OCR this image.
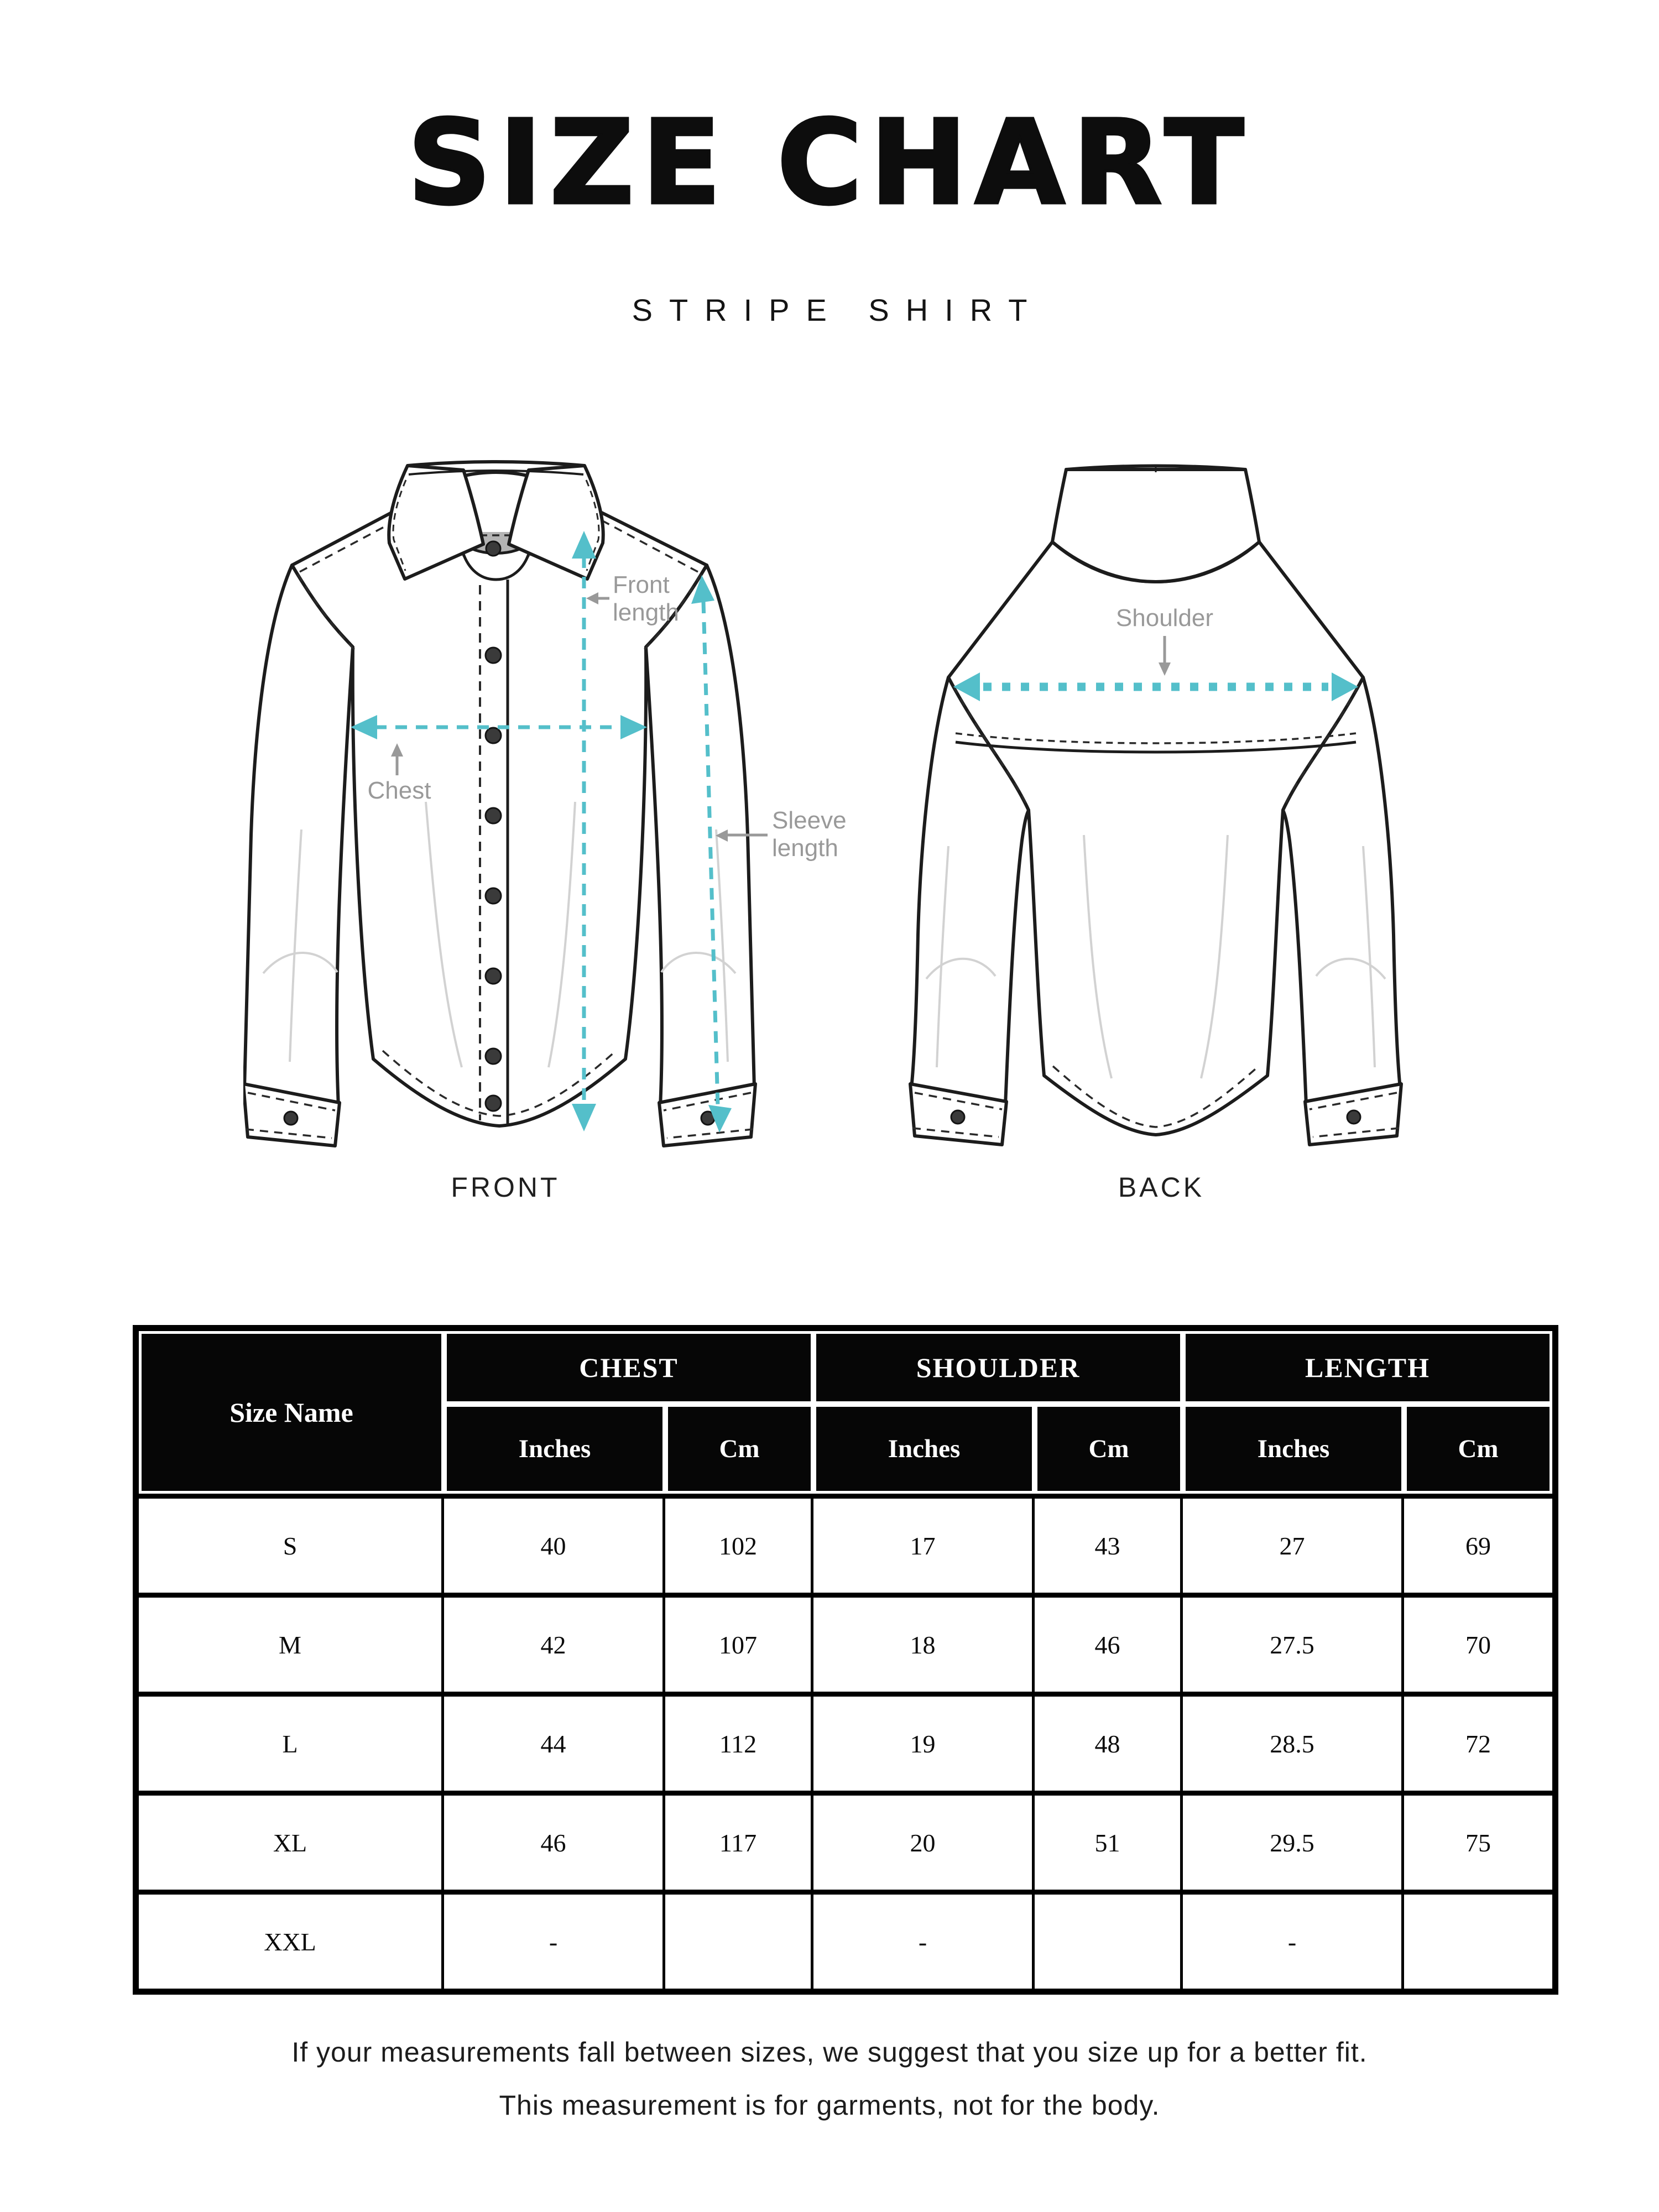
SIZE CHART
STRIPE SHIRT
Front
length
Chest
Sleeve
length
Shoulder
FRONT	BACK
Size Name	CHEST		SHOULDER		LENGTH	
	Inches	Cm	Inches	Cm	Inches	Cm
S	40	102	17	43	27	69
M	42	107	18	46	27.5	70
L	44	112	19	48	28.5	72
XL	46	117	20	51	29.5	75
XXL	-		-		-	
If your measurements fall between sizes, we suggest that you size up for a better fit.
This measurement is for garments, not for the body.
